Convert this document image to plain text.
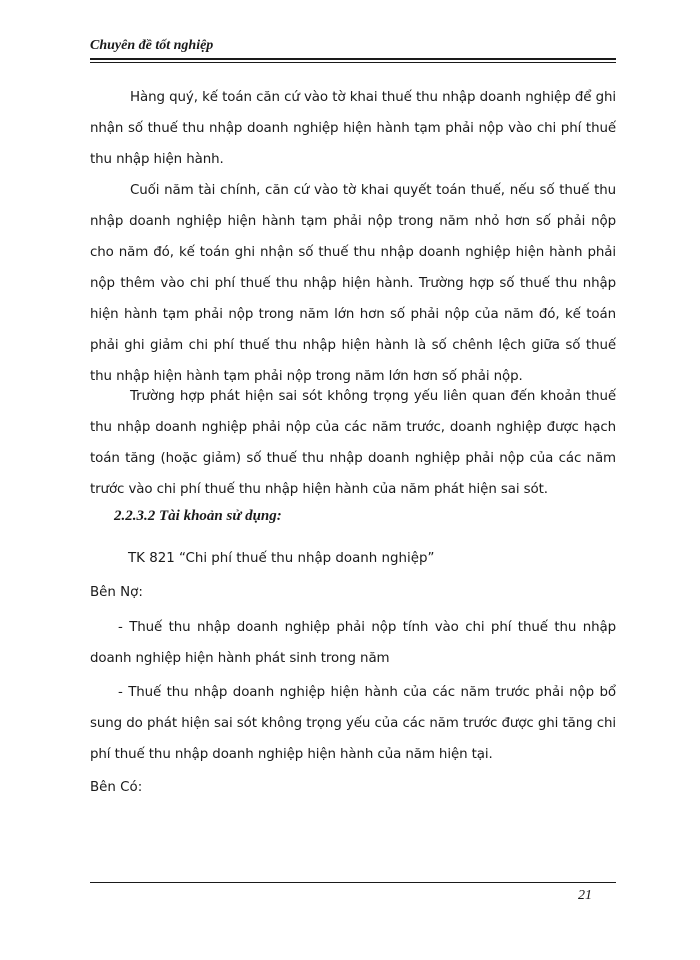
Chuyên đề tốt nghiệp

Hàng quý, kế toán căn cứ vào tờ khai thuế thu nhập doanh nghiệp để ghi nhận số thuế thu nhập doanh nghiệp hiện hành tạm phải nộp vào chi phí thuế thu nhập hiện hành.

Cuối năm tài chính, căn cứ vào tờ khai quyết toán thuế, nếu số thuế thu nhập doanh nghiệp hiện hành tạm phải nộp trong năm nhỏ hơn số phải nộp cho năm đó, kế toán ghi nhận số thuế thu nhập doanh nghiệp hiện hành phải nộp thêm vào chi phí thuế thu nhập hiện hành. Trường hợp số thuế thu nhập hiện hành tạm phải nộp trong năm lớn hơn số phải nộp của năm đó, kế toán phải ghi giảm chi phí thuế thu nhập hiện hành là số chênh lệch giữa số thuế thu nhập hiện hành tạm phải nộp trong năm lớn hơn số phải nộp.

Trường hợp phát hiện sai sót không trọng yếu liên quan đến khoản thuế thu nhập doanh nghiệp phải nộp của các năm trước, doanh nghiệp được hạch toán tăng (hoặc giảm) số thuế thu nhập doanh nghiệp phải nộp của các năm trước vào chi phí thuế thu nhập hiện hành của năm phát hiện sai sót.

2.2.3.2 Tài khoản sử dụng:
TK 821 “Chi phí thuế thu nhập doanh nghiệp”
Bên Nợ:

- Thuế thu nhập doanh nghiệp phải nộp tính vào chi phí thuế thu nhập doanh nghiệp hiện hành phát sinh trong năm

- Thuế thu nhập doanh nghiệp hiện hành của các năm trước phải nộp bổ sung do phát hiện sai sót không trọng yếu của các năm trước được ghi tăng chi phí thuế thu nhập doanh nghiệp hiện hành của năm hiện tại.

Bên Có:
21
